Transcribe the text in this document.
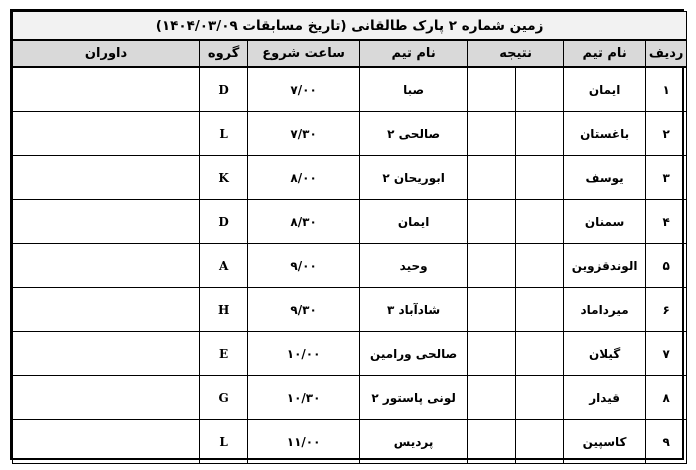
زمین شماره ۲ پارک طالقانی (تاریخ مسابقات ۱۴۰۴/۰۳/۰۹)							
ردیف	نام تیم	نتیجه		نام تیم	ساعت شروع	گروه	داوران
۱	ایمان			صبا	۷/۰۰	D	
۲	باغستان			صالحی ۲	۷/۳۰	L	
۳	یوسف			ابوریحان ۲	۸/۰۰	K	
۴	سمنان			ایمان	۸/۳۰	D	
۵	الوندقزوین			وحید	۹/۰۰	A	
۶	میرداماد			شادآباد ۳	۹/۳۰	H	
۷	گیلان			صالحی ورامین	۱۰/۰۰	E	
۸	قیدار			لونی پاستور ۲	۱۰/۳۰	G	
۹	کاسپین			پردیس	۱۱/۰۰	L	
